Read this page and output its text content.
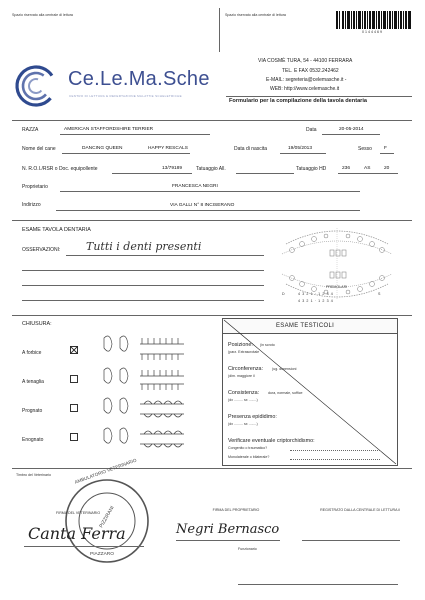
Spazio riservato alla centrale di lettura	Spazio riservato alla centrale di lettura
0144469
Ce.Le.Ma.Sche
CENTRO DI LETTURA E REFERTAZIONE MALATTIE SCHELETRICHE
VIA COSMÈ TURA, 54 - 44100 FERRARA
TEL. E FAX 0532.242462
E-MAIL: segreteria@celemasche.it -
WEB: http://www.celemasche.it
Formulario per la compilazione della tavola dentaria
RAZZA	AMERICAN STAFFORDSHIRE TERRIER	Data	20-05-2014
Nome del cane	DANCING QUEEN	HAPPY RESCALS	Data di nascita	19/05/2013	Sesso	F
N. R.O.I./RSR o Doc. equipollente	13/79189	Tatuaggio All.	Tatuaggio HD	236	AS	20
Proprietario	FRANCESCA NEGRI
Indirizzo	VIA GALLI N° 8 INCISERANO
ESAME TAVOLA DENTARIA
OSSERVAZIONI: Tutti i denti presenti
PREMOLARI
D	4 3 2 1 · 1 2 3 4	S
4 3 2 1 · 1 2 3 4
CHIUSURA:
A forbice
A tenaglia
Prognato
Enognato
ESAME TESTICOLI
Posizione: (in scroto
(parz. Extrascrotale
Circonferenza: (ug. dimensioni
(dim. maggiore il
Consistenza: dura, normale, soffice
(dx ......... sx ........)
Presenza epididimo:
(dx ......... sx ........)
Verificare eventuale criptorchidismo:
Congenito o traumatico?
Monolaterale o bilaterale?
Timbro del Veterinario	AMBULATORIO VETERINARIO
PIZZIRANI
PIAZZARO
Canta Ferra
FIRMA DEL VETERINARIO
FIRMA DEL PROPRIETARIO
Negri Bernasco
REGISTRATO DALLA CENTRALE DI LETTURA il
Funzionario
